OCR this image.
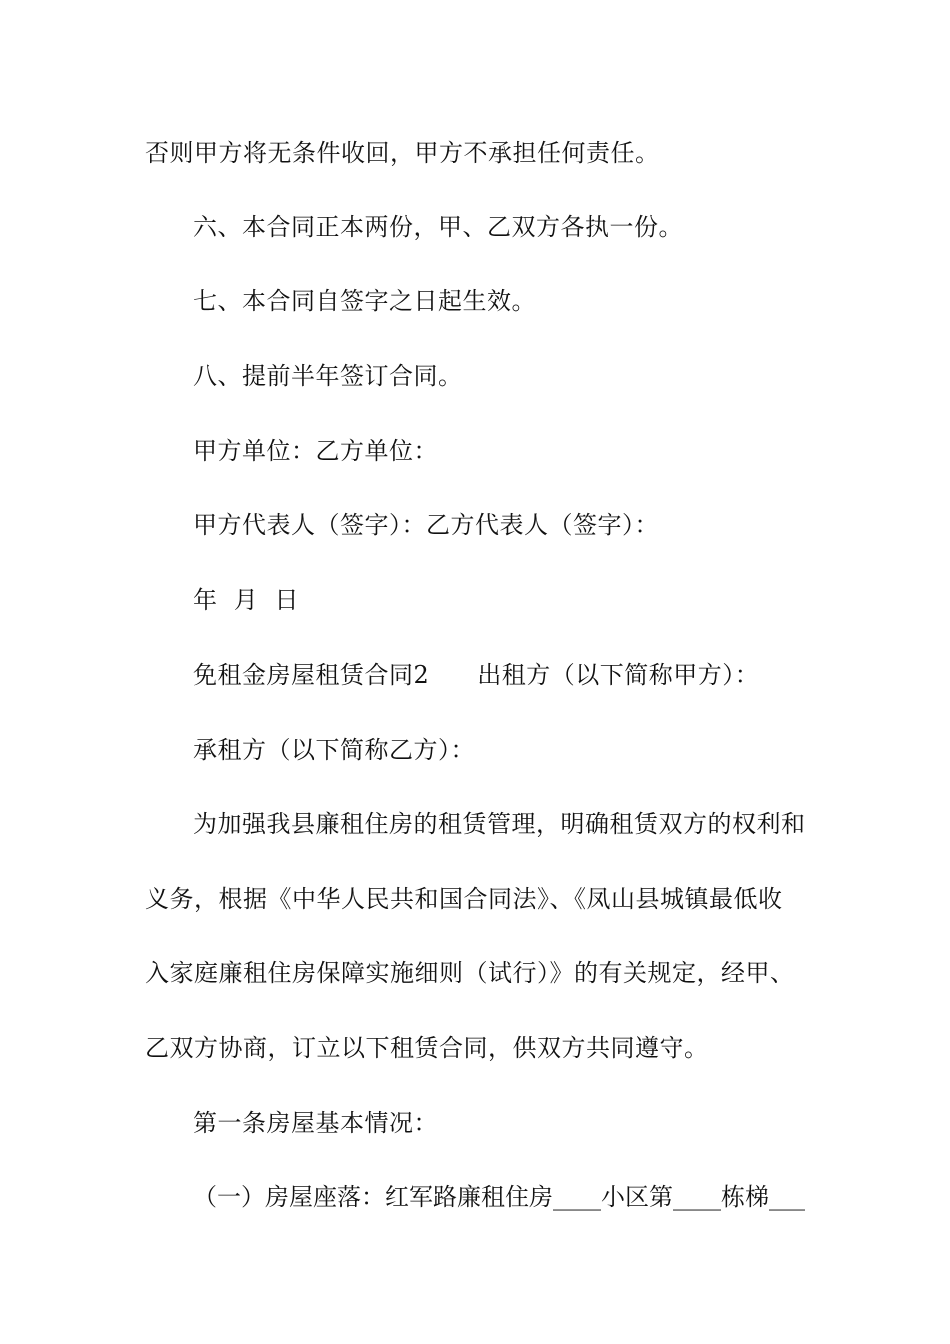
否则甲方将无条件收回，甲方不承担任何责任。
六、本合同正本两份，甲、乙双方各执一份。
七、本合同自签字之日起生效。
八、提前半年签订合同。
甲方单位：乙方单位：
甲方代表人（签字）：乙方代表人（签字）：
年  月  日
免租金房屋租赁合同2 出租方（以下简称甲方）：
承租方（以下简称乙方）：
为加强我县廉租住房的租赁管理，明确租赁双方的权利和
义务，根据《中华人民共和国合同法》、《凤山县城镇最低收
入家庭廉租住房保障实施细则（试行）》的有关规定，经甲、
乙双方协商，订立以下租赁合同，供双方共同遵守。
第一条房屋基本情况：
（一）房屋座落：红军路廉租住房____小区第____栋梯___
